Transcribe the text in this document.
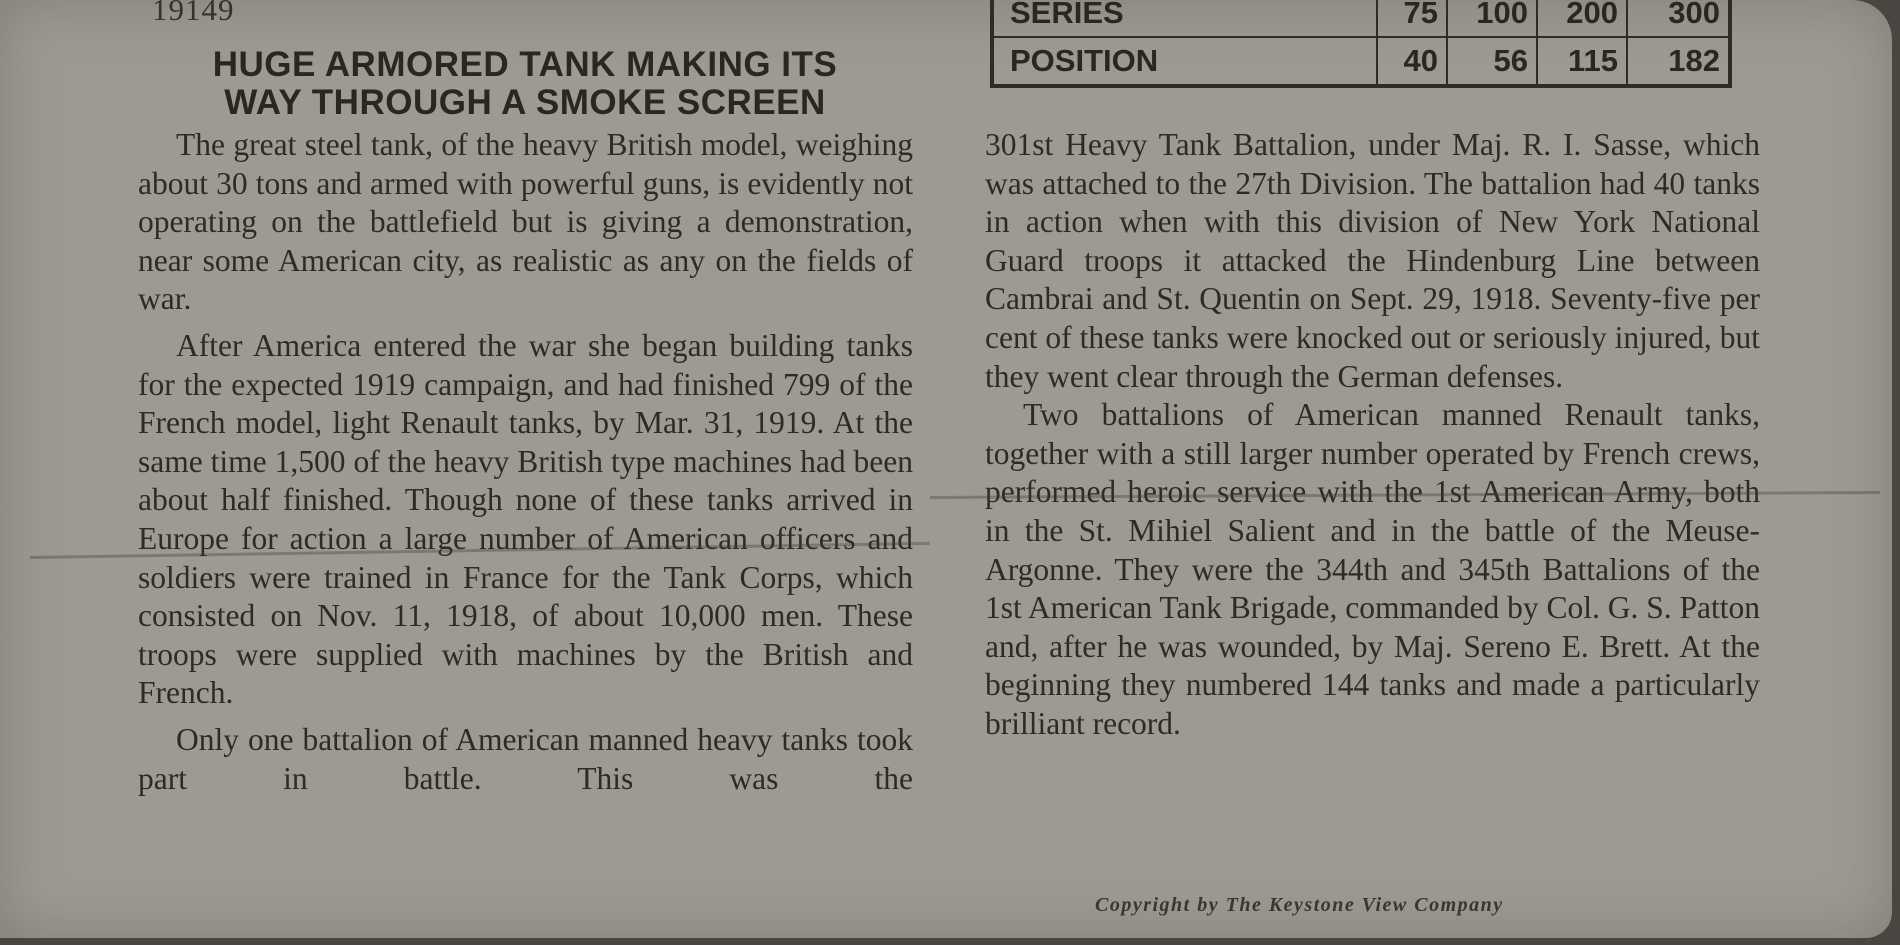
19149
HUGE ARMORED TANK MAKING ITS
WAY THROUGH A SMOKE SCREEN
SERIES	75	100	200	300
POSITION	40	56	115	182

The great steel tank, of the heavy British model, weighing about 30 tons and armed with powerful guns, is evidently not operating on the battlefield but is giving a demonstration, near some American city, as realistic as any on the fields of war.

After America entered the war she began building tanks for the expected 1919 campaign, and had finished 799 of the French model, light Renault tanks, by Mar. 31, 1919. At the same time 1,500 of the heavy British type machines had been about half finished. Though none of these tanks arrived in Europe for action a large number of American officers and soldiers were trained in France for the Tank Corps, which consisted on Nov. 11, 1918, of about 10,000 men. These troops were supplied with machines by the British and French.

Only one battalion of American manned heavy tanks took part in battle. This was the

301st Heavy Tank Battalion, under Maj. R. I. Sasse, which was attached to the 27th Division. The battalion had 40 tanks in action when with this division of New York National Guard troops it attacked the Hindenburg Line between Cambrai and St. Quentin on Sept. 29, 1918. Seventy-five per cent of these tanks were knocked out or seriously injured, but they went clear through the German defenses.

Two battalions of American manned Renault tanks, together with a still larger number operated by French crews, performed heroic service with the 1st American Army, both in the St. Mihiel Salient and in the battle of the Meuse-Argonne. They were the 344th and 345th Battalions of the 1st American Tank Brigade, commanded by Col. G. S. Patton and, after he was wounded, by Maj. Sereno E. Brett. At the beginning they numbered 144 tanks and made a particularly brilliant record.

Copyright by The Keystone View Company
